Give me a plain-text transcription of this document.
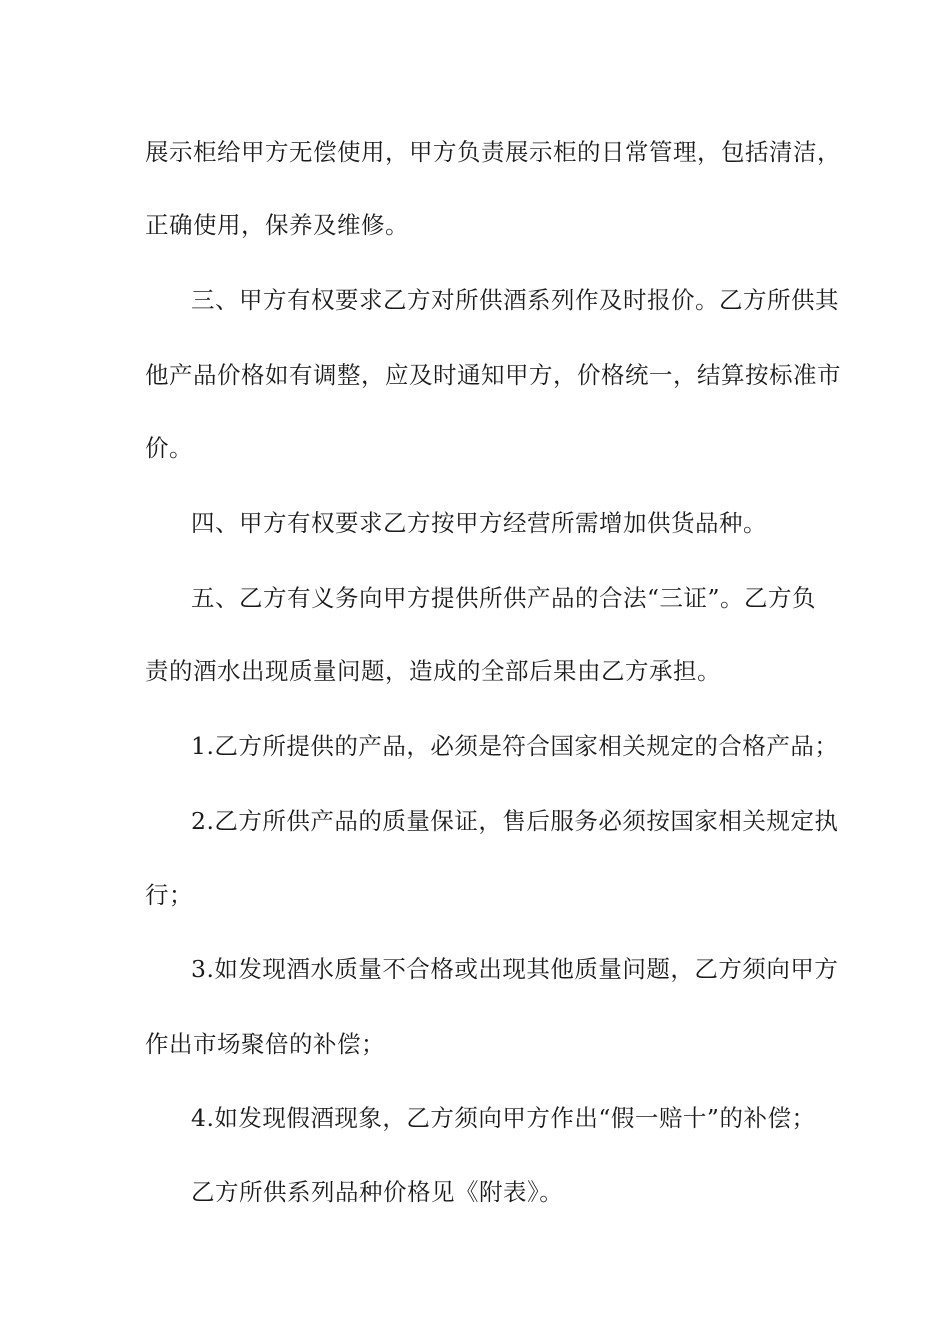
展示柜给甲方无偿使用，甲方负责展示柜的日常管理，包括清洁，
正确使用，保养及维修。
三、甲方有权要求乙方对所供酒系列作及时报价。乙方所供其
他产品价格如有调整，应及时通知甲方，价格统一，结算按标准市
价。
四、甲方有权要求乙方按甲方经营所需增加供货品种。
五、乙方有义务向甲方提供所供产品的合法“三证”。乙方负
责的酒水出现质量问题，造成的全部后果由乙方承担。
1.乙方所提供的产品，必须是符合国家相关规定的合格产品；
2.乙方所供产品的质量保证，售后服务必须按国家相关规定执
行；
3.如发现酒水质量不合格或出现其他质量问题，乙方须向甲方
作出市场聚倍的补偿；
4.如发现假酒现象，乙方须向甲方作出“假一赔十”的补偿；
乙方所供系列品种价格见《附表》。
